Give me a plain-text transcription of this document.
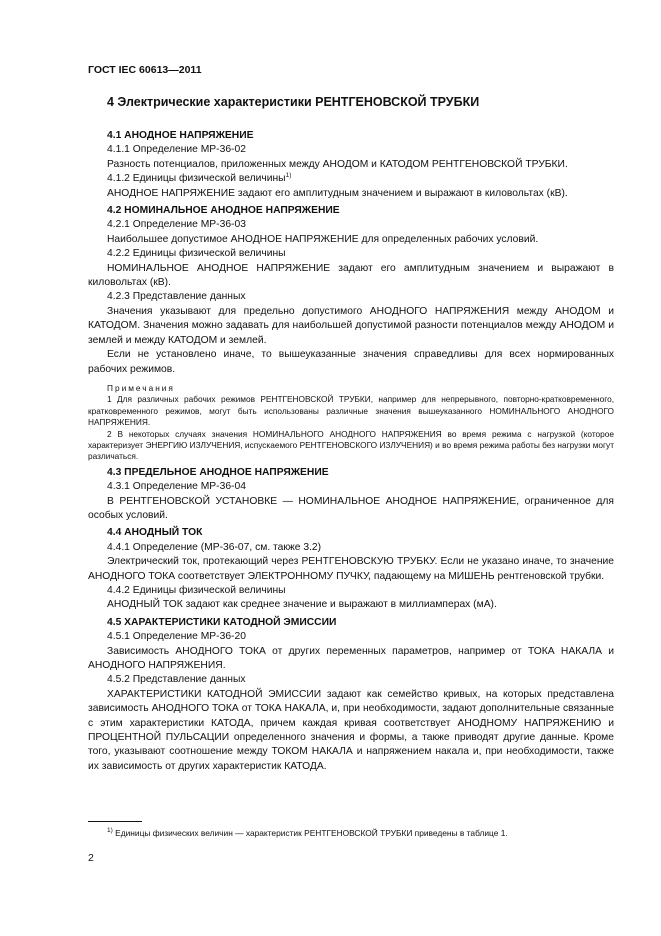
ГОСТ IEC 60613—2011
4 Электрические характеристики РЕНТГЕНОВСКОЙ ТРУБКИ

4.1 АНОДНОЕ НАПРЯЖЕНИЕ

4.1.1 Определение МР-36-02

Разность потенциалов, приложенных между АНОДОМ и КАТОДОМ РЕНТГЕНОВСКОЙ ТРУБКИ.

4.1.2 Единицы физической величины$^{1)}$

АНОДНОЕ НАПРЯЖЕНИЕ задают его амплитудным значением и выражают в киловольтах (кВ).

4.2 НОМИНАЛЬНОЕ АНОДНОЕ НАПРЯЖЕНИЕ

4.2.1 Определение МР-36-03

Наибольшее допустимое АНОДНОЕ НАПРЯЖЕНИЕ для определенных рабочих условий.

4.2.2 Единицы физической величины

НОМИНАЛЬНОЕ АНОДНОЕ НАПРЯЖЕНИЕ задают его амплитудным значением и выражают в киловольтах (кВ).

4.2.3 Представление данных

Значения указывают для предельно допустимого АНОДНОГО НАПРЯЖЕНИЯ между АНОДОМ и КАТОДОМ. Значения можно задавать для наибольшей допустимой разности потенциалов между АНОДОМ и землей и между КАТОДОМ и землей.

Если не установлено иначе, то вышеуказанные значения справедливы для всех нормированных рабочих режимов.

Примечания

1 Для различных рабочих режимов РЕНТГЕНОВСКОЙ ТРУБКИ, например для непрерывного, повторно-кратковременного, кратковременного режимов, могут быть использованы различные значения вышеуказанного НОМИНАЛЬНОГО АНОДНОГО НАПРЯЖЕНИЯ.

2 В некоторых случаях значения НОМИНАЛЬНОГО АНОДНОГО НАПРЯЖЕНИЯ во время режима с нагрузкой (которое характеризует ЭНЕРГИЮ ИЗЛУЧЕНИЯ, испускаемого РЕНТГЕНОВСКОГО ИЗЛУЧЕНИЯ) и во время режима работы без нагрузки могут различаться.

4.3 ПРЕДЕЛЬНОЕ АНОДНОЕ НАПРЯЖЕНИЕ

4.3.1 Определение МР-36-04

В РЕНТГЕНОВСКОЙ УСТАНОВКЕ — НОМИНАЛЬНОЕ АНОДНОЕ НАПРЯЖЕНИЕ, ограниченное для особых условий.

4.4 АНОДНЫЙ ТОК

4.4.1 Определение (МР-36-07, см. также 3.2)

Электрический ток, протекающий через РЕНТГЕНОВСКУЮ ТРУБКУ. Если не указано иначе, то значение АНОДНОГО ТОКА соответствует ЭЛЕКТРОННОМУ ПУЧКУ, падающему на МИШЕНЬ рентгеновской трубки.

4.4.2 Единицы физической величины

АНОДНЫЙ ТОК задают как среднее значение и выражают в миллиамперах (мА).

4.5 ХАРАКТЕРИСТИКИ КАТОДНОЙ ЭМИССИИ

4.5.1 Определение МР-36-20

Зависимость АНОДНОГО ТОКА от других переменных параметров, например от ТОКА НАКАЛА и АНОДНОГО НАПРЯЖЕНИЯ.

4.5.2 Представление данных

ХАРАКТЕРИСТИКИ КАТОДНОЙ ЭМИССИИ задают как семейство кривых, на которых представлена зависимость АНОДНОГО ТОКА от ТОКА НАКАЛА, и, при необходимости, задают дополнительные связанные с этим характеристики КАТОДА, причем каждая кривая соответствует АНОДНОМУ НАПРЯЖЕНИЮ и ПРОЦЕНТНОЙ ПУЛЬСАЦИИ определенного значения и формы, а также приводят другие данные. Кроме того, указывают соотношение между ТОКОМ НАКАЛА и напряжением накала и, при необходимости, также их зависимость от других характеристик КАТОДА.

$^{1)}$ Единицы физических величин — характеристик РЕНТГЕНОВСКОЙ ТРУБКИ приведены в таблице 1.
2
